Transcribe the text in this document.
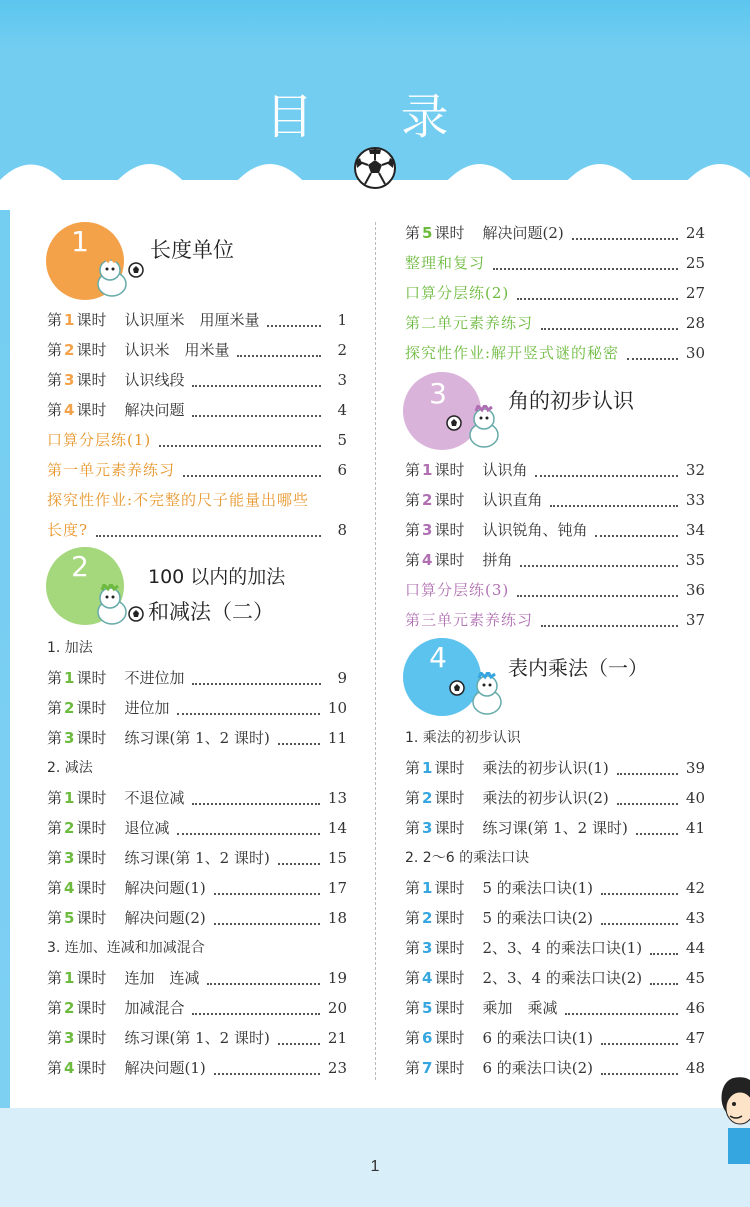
目 录
1	长度单位
第 1 课时 认识厘米　用厘米量	1
第 2 课时 认识米　用米量	2
第 3 课时 认识线段	3
第 4 课时 解决问题	4
口算分层练(1)	5
第一单元素养练习	6
探究性作业:不完整的尺子能量出哪些
长度?	8
2	100 以内的加法
和减法（二）
1. 加法
第 1 课时 不进位加	9
第 2 课时 进位加	10
第 3 课时 练习课(第 1、2 课时)	11
2. 减法
第 1 课时 不退位减	13
第 2 课时 退位减	14
第 3 课时 练习课(第 1、2 课时)	15
第 4 课时 解决问题(1)	17
第 5 课时 解决问题(2)	18
3. 连加、连减和加减混合
第 1 课时 连加　连减	19
第 2 课时 加减混合	20
第 3 课时 练习课(第 1、2 课时)	21
第 4 课时 解决问题(1)	23
第 5 课时 解决问题(2)	24
整理和复习	25
口算分层练(2)	27
第二单元素养练习	28
探究性作业:解开竖式谜的秘密	30
3	角的初步认识
第 1 课时 认识角	32
第 2 课时 认识直角	33
第 3 课时 认识锐角、钝角	34
第 4 课时 拼角	35
口算分层练(3)	36
第三单元素养练习	37
4	表内乘法（一）
1. 乘法的初步认识
第 1 课时 乘法的初步认识(1)	39
第 2 课时 乘法的初步认识(2)	40
第 3 课时 练习课(第 1、2 课时)	41
2. 2～6 的乘法口诀
第 1 课时 5 的乘法口诀(1)	42
第 2 课时 5 的乘法口诀(2)	43
第 3 课时 2、3、4 的乘法口诀(1)	44
第 4 课时 2、3、4 的乘法口诀(2)	45
第 5 课时 乘加　乘减	46
第 6 课时 6 的乘法口诀(1)	47
第 7 课时 6 的乘法口诀(2)	48
1
